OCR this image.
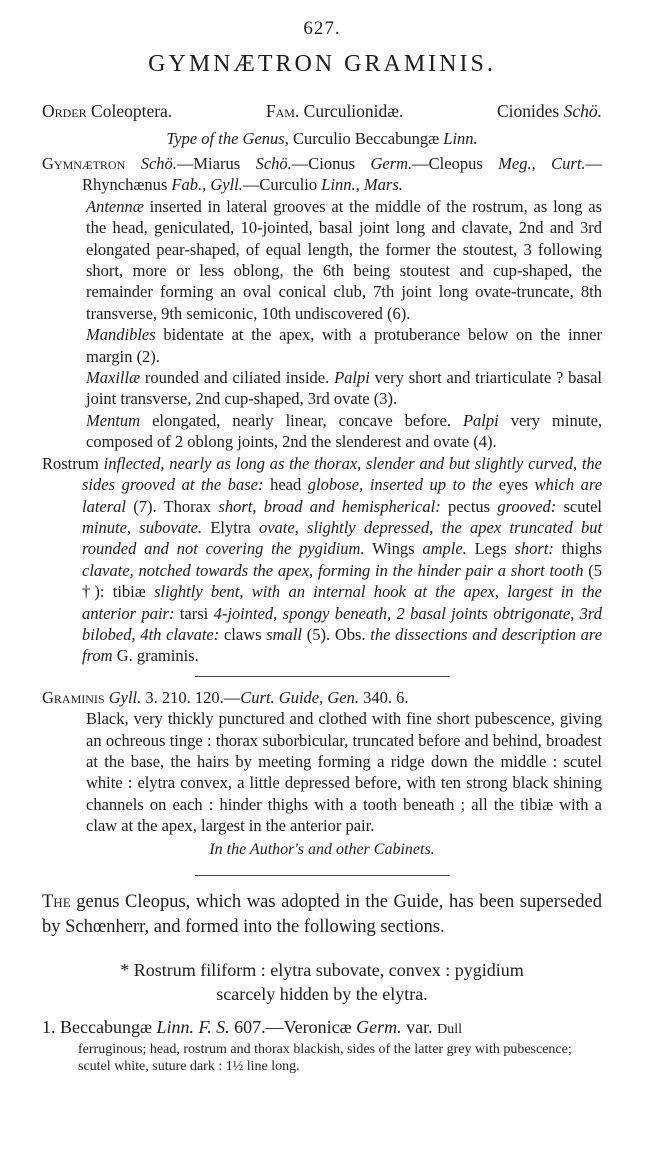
627.
GYMNÆTRON GRAMINIS.
Order Coleoptera.	Fam. Curculionidæ.	Cionides Schö.
Type of the Genus, Curculio Beccabungæ Linn.

Gymnætron Schö.—Miarus Schö.—Cionus Germ.—Cleopus Meg., Curt.—Rhynchænus Fab., Gyll.—Curculio Linn., Mars.

Antennæ inserted in lateral grooves at the middle of the rostrum, as long as the head, geniculated, 10-jointed, basal joint long and clavate, 2nd and 3rd elongated pear-shaped, of equal length, the former the stoutest, 3 following short, more or less oblong, the 6th being stoutest and cup-shaped, the remainder forming an oval conical club, 7th joint long ovate-truncate, 8th transverse, 9th semiconic, 10th undiscovered (6).

Mandibles bidentate at the apex, with a protuberance below on the inner margin (2).

Maxillæ rounded and ciliated inside. Palpi very short and triarticulate ? basal joint transverse, 2nd cup-shaped, 3rd ovate (3).

Mentum elongated, nearly linear, concave before. Palpi very minute, composed of 2 oblong joints, 2nd the slenderest and ovate (4).

Rostrum inflected, nearly as long as the thorax, slender and but slightly curved, the sides grooved at the base: head globose, inserted up to the eyes which are lateral (7). Thorax short, broad and hemispherical: pectus grooved: scutel minute, subovate. Elytra ovate, slightly depressed, the apex truncated but rounded and not covering the pygidium. Wings ample. Legs short: thighs clavate, notched towards the apex, forming in the hinder pair a short tooth (5 †): tibiæ slightly bent, with an internal hook at the apex, largest in the anterior pair: tarsi 4-jointed, spongy beneath, 2 basal joints obtrigonate, 3rd bilobed, 4th clavate: claws small (5). Obs. the dissections and description are from G. graminis.

Graminis Gyll. 3. 210. 120.—Curt. Guide, Gen. 340. 6.

Black, very thickly punctured and clothed with fine short pubescence, giving an ochreous tinge : thorax suborbicular, truncated before and behind, broadest at the base, the hairs by meeting forming a ridge down the middle : scutel white : elytra convex, a little depressed before, with ten strong black shining channels on each : hinder thighs with a tooth beneath ; all the tibiæ with a claw at the apex, largest in the anterior pair.

In the Author's and other Cabinets.

The genus Cleopus, which was adopted in the Guide, has been superseded by Schœnherr, and formed into the following sections.

* Rostrum filiform : elytra subovate, convex : pygidium
scarcely hidden by the elytra.
1. Beccabungæ Linn. F. S. 607.—Veronicæ Germ. var. Dull
ferruginous; head, rostrum and thorax blackish, sides of the latter grey with pubescence; scutel white, suture dark : 1½ line long.
